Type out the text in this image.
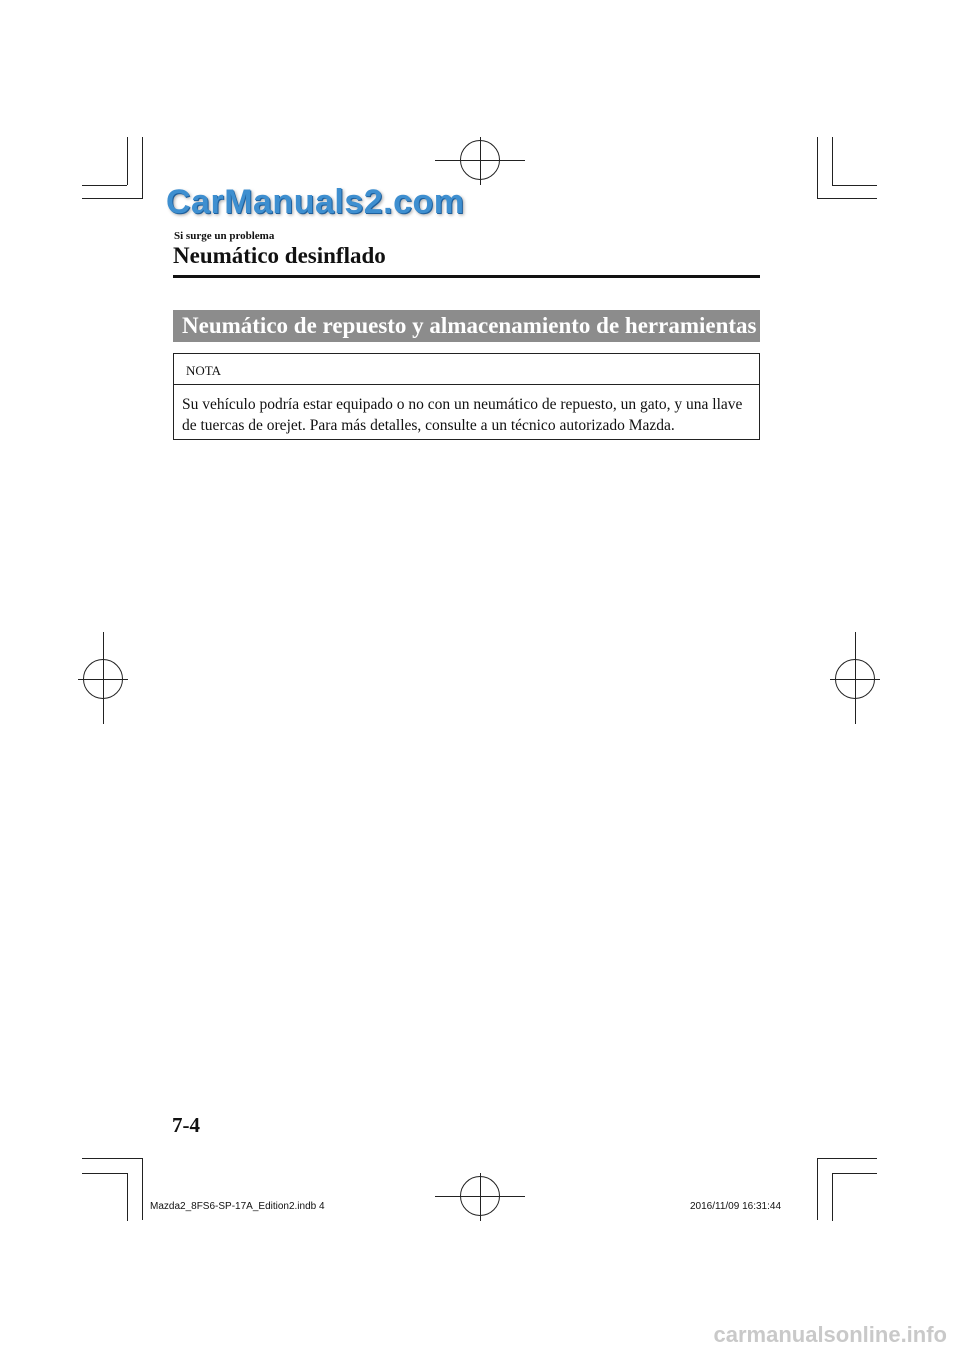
CarManuals2.com
Si surge un problema
Neumático desinflado
Neumático de repuesto y almacenamiento de herramientas
NOTA
Su vehículo podría estar equipado o no con un neumático de repuesto, un gato, y una llave de tuercas de orejet. Para más detalles, consulte a un técnico autorizado Mazda.
7-4
Mazda2_8FS6-SP-17A_Edition2.indb 4	2016/11/09 16:31:44
carmanualsonline.info
